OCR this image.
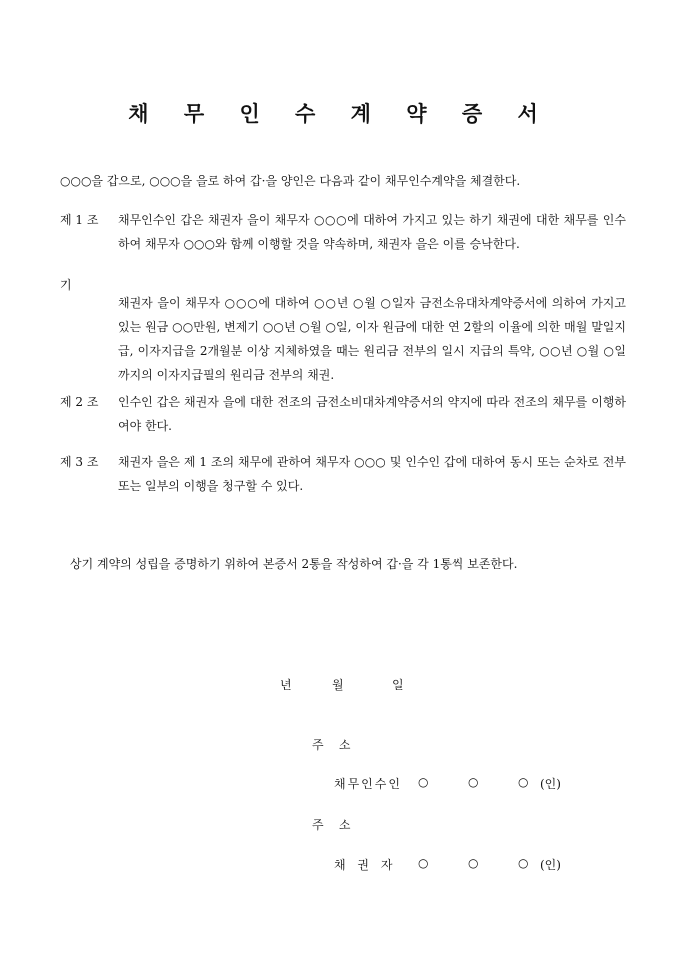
채 무 인 수 계 약 증 서
○○○을 갑으로, ○○○을 을로 하여 갑·을 양인은 다음과 같이 채무인수계약을 체결한다.
제 1 조 채무인수인 갑은 채권자 을이 채무자 ○○○에 대하여 가지고 있는 하기 채권에 대한 채무를 인수하여 채무자 ○○○와 함께 이행할 것을 약속하며, 채권자 을은 이를 승낙한다.
기
채권자 을이 채무자 ○○○에 대하여 ○○년 ○월 ○일자 금전소유대차계약증서에 의하여 가지고 있는 원금 ○○만원, 변제기 ○○년 ○월 ○일, 이자 원금에 대한 연 2할의 이율에 의한 매월 말일지급, 이자지급을 2개월분 이상 지체하였을 때는 원리금 전부의 일시 지급의 특약, ○○년 ○월 ○일 까지의 이자지급필의 원리금 전부의 채권.
제 2 조 인수인 갑은 채권자 을에 대한 전조의 금전소비대차계약증서의 약지에 따라 전조의 채무를 이행하여야 한다.
제 3 조 채권자 을은 제 1 조의 채무에 관하여 채무자 ○○○ 및 인수인 갑에 대하여 동시 또는 순차로 전부 또는 일부의 이행을 청구할 수 있다.
상기 계약의 성립을 증명하기 위하여 본증서 2통을 작성하여 갑·을 각 1통씩 보존한다.
년	월	일
주    소
채무인수인 ○	○	○ (인)
주    소
채 권 자 ○	○	○ (인)
